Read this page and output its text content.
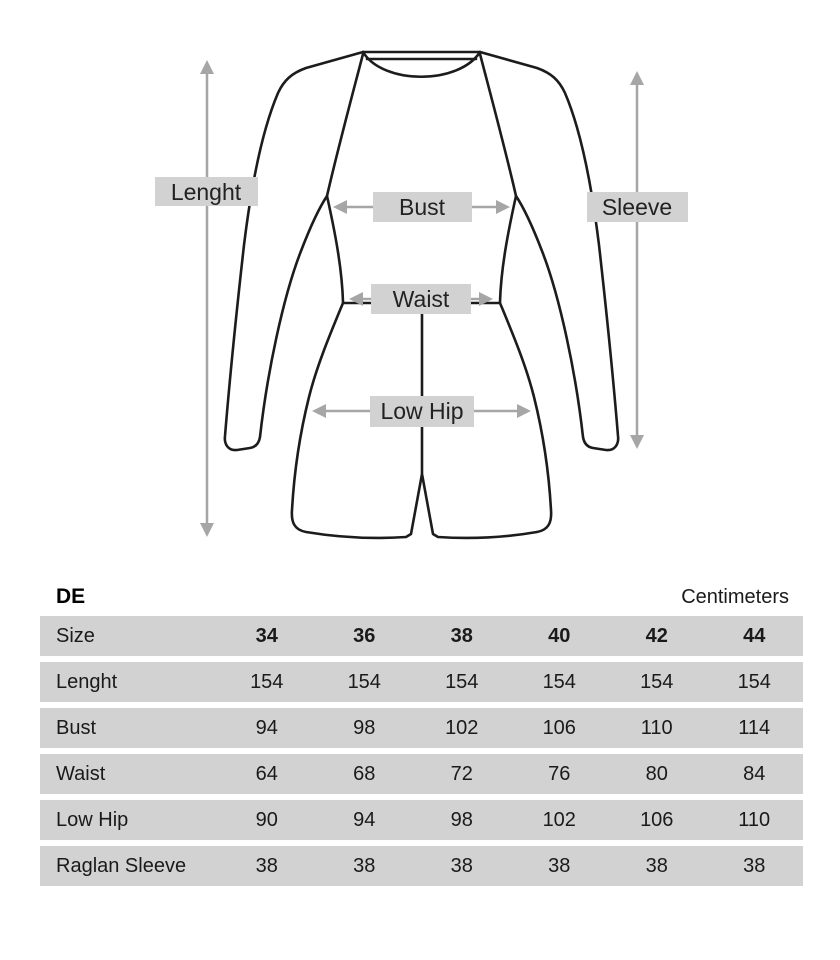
Lenght
Bust
Waist
Low Hip
Sleeve
DE	Centimeters
Size	34	36	38	40	42	44
Lenght	154	154	154	154	154	154
Bust	94	98	102	106	110	114
Waist	64	68	72	76	80	84
Low Hip	90	94	98	102	106	110
Raglan Sleeve	38	38	38	38	38	38
